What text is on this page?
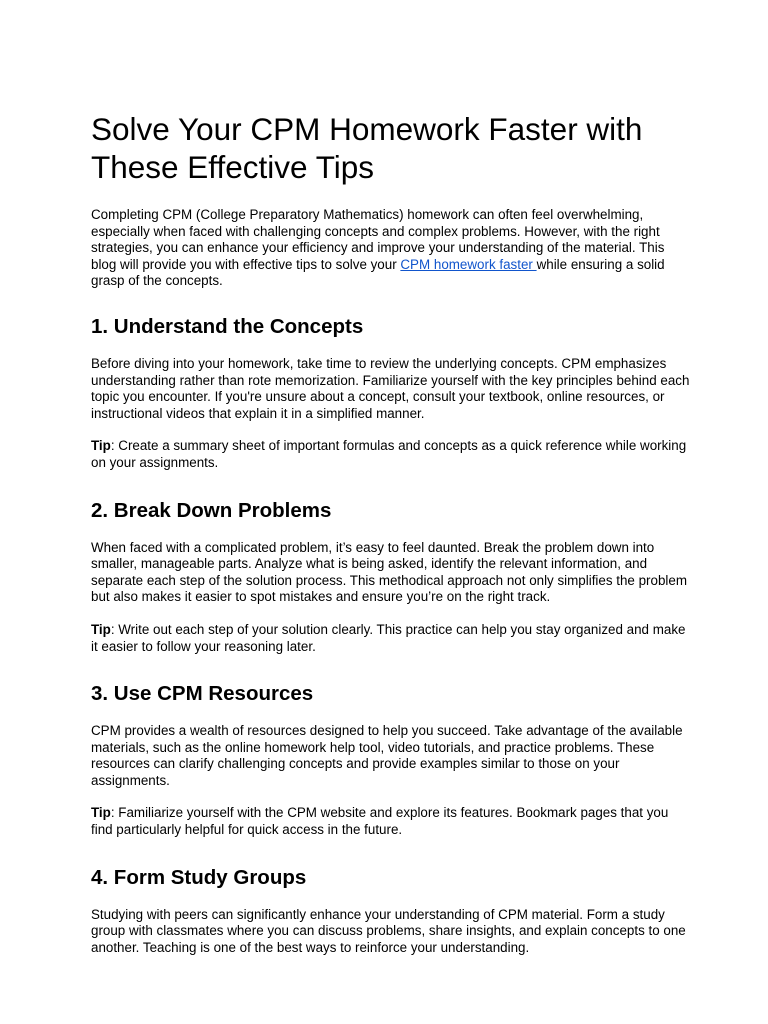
Solve Your CPM Homework Faster with These Effective Tips

Completing CPM (College Preparatory Mathematics) homework can often feel overwhelming, especially when faced with challenging concepts and complex problems. However, with the right strategies, you can enhance your efficiency and improve your understanding of the material. This blog will provide you with effective tips to solve your CPM homework faster while ensuring a solid grasp of the concepts.

1. Understand the Concepts

Before diving into your homework, take time to review the underlying concepts. CPM emphasizes understanding rather than rote memorization. Familiarize yourself with the key principles behind each topic you encounter. If you're unsure about a concept, consult your textbook, online resources, or instructional videos that explain it in a simplified manner.

Tip: Create a summary sheet of important formulas and concepts as a quick reference while working on your assignments.

2. Break Down Problems

When faced with a complicated problem, it’s easy to feel daunted. Break the problem down into smaller, manageable parts. Analyze what is being asked, identify the relevant information, and separate each step of the solution process. This methodical approach not only simplifies the problem but also makes it easier to spot mistakes and ensure you’re on the right track.

Tip: Write out each step of your solution clearly. This practice can help you stay organized and make it easier to follow your reasoning later.

3. Use CPM Resources

CPM provides a wealth of resources designed to help you succeed. Take advantage of the available materials, such as the online homework help tool, video tutorials, and practice problems. These resources can clarify challenging concepts and provide examples similar to those on your assignments.

Tip: Familiarize yourself with the CPM website and explore its features. Bookmark pages that you find particularly helpful for quick access in the future.

4. Form Study Groups

Studying with peers can significantly enhance your understanding of CPM material. Form a study group with classmates where you can discuss problems, share insights, and explain concepts to one another. Teaching is one of the best ways to reinforce your understanding.
